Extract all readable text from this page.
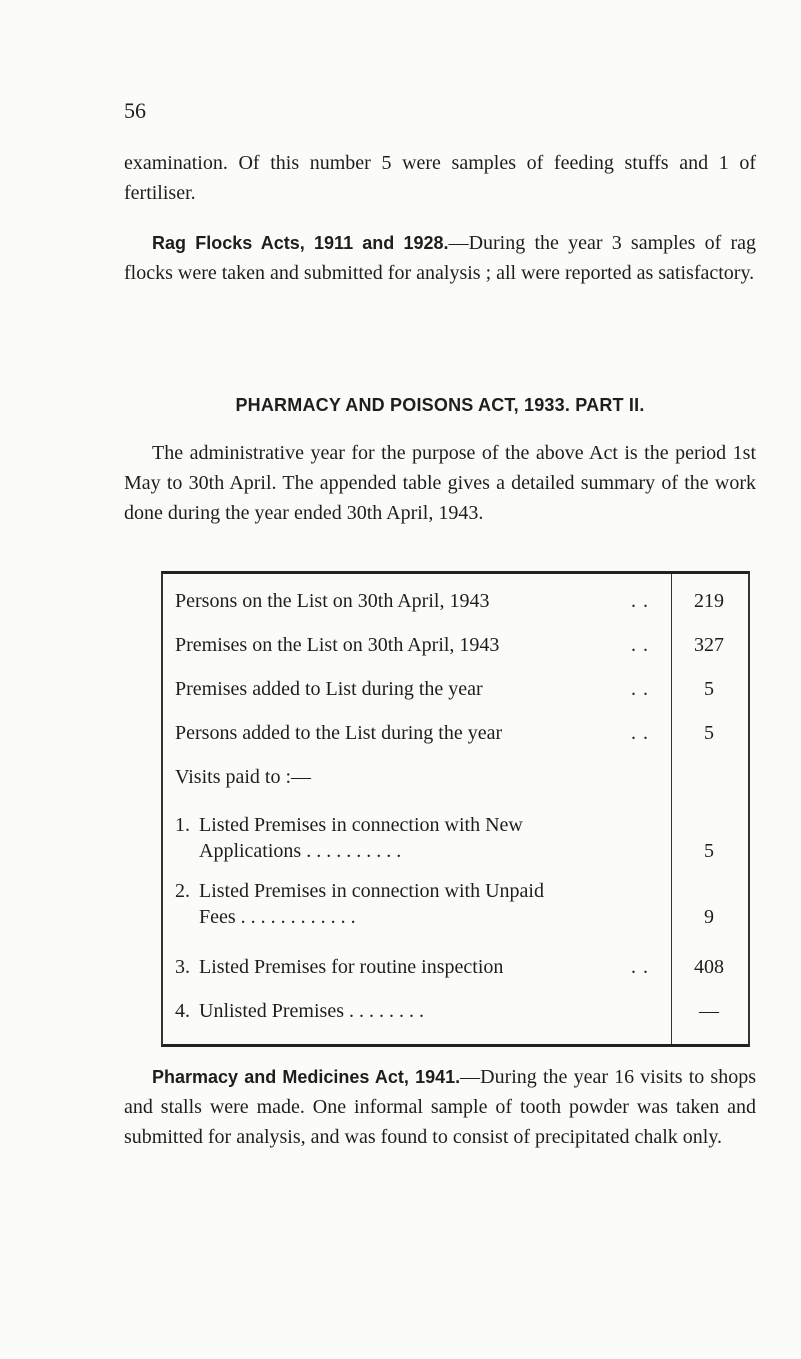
56

examination. Of this number 5 were samples of feeding stuffs and 1 of fertiliser.

Rag Flocks Acts, 1911 and 1928.—During the year 3 samples of rag flocks were taken and submitted for analysis ; all were reported as satisfactory.

PHARMACY AND POISONS ACT, 1933. PART II.

The administrative year for the purpose of the above Act is the period 1st May to 30th April. The appended table gives a detailed summary of the work done during the year ended 30th April, 1943.

Persons on the List on 30th April, 1943	. .	219
Premises on the List on 30th April, 1943	. .	327
Premises added to List during the year	. .	5
Persons added to the List during the year	. .	5
Visits paid to :—
1. Listed Premises in connection with New
Applications . . . . . . . . . .	5
2. Listed Premises in connection with Unpaid
Fees . . . . . . . . . . . .	9
3. Listed Premises for routine inspection	. .	408
4. Unlisted Premises . . . . . . . .	—

Pharmacy and Medicines Act, 1941.—During the year 16 visits to shops and stalls were made. One informal sample of tooth powder was taken and submitted for analysis, and was found to consist of precipitated chalk only.
